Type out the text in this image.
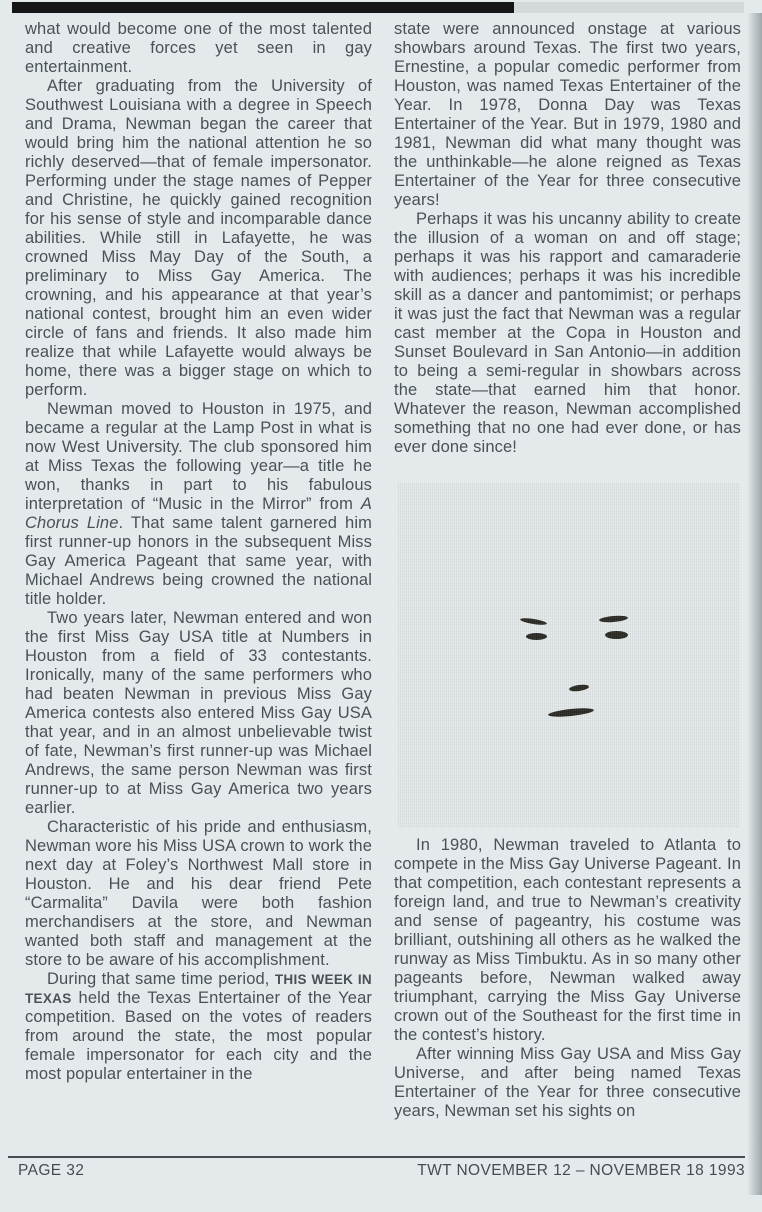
what would become one of the most talented and creative forces yet seen in gay entertainment.

After graduating from the University of Southwest Louisiana with a degree in Speech and Drama, Newman began the career that would bring him the national attention he so richly deserved—that of female impersonator. Performing under the stage names of Pepper and Christine, he quickly gained recognition for his sense of style and incomparable dance abilities. While still in Lafayette, he was crowned Miss May Day of the South, a preliminary to Miss Gay America. The crowning, and his appearance at that year’s national contest, brought him an even wider circle of fans and friends. It also made him realize that while Lafayette would always be home, there was a bigger stage on which to perform.

Newman moved to Houston in 1975, and became a regular at the Lamp Post in what is now West University. The club sponsored him at Miss Texas the following year—a title he won, thanks in part to his fabulous interpretation of “Music in the Mirror” from A Chorus Line. That same talent garnered him first runner-up honors in the subsequent Miss Gay America Pageant that same year, with Michael Andrews being crowned the national title holder.

Two years later, Newman entered and won the first Miss Gay USA title at Numbers in Houston from a field of 33 contestants. Ironically, many of the same performers who had beaten Newman in previous Miss Gay America contests also entered Miss Gay USA that year, and in an almost unbelievable twist of fate, Newman’s first runner-up was Michael Andrews, the same person Newman was first runner-up to at Miss Gay America two years earlier.

Characteristic of his pride and enthusiasm, Newman wore his Miss USA crown to work the next day at Foley’s Northwest Mall store in Houston. He and his dear friend Pete “Carmalita” Davila were both fashion merchandisers at the store, and Newman wanted both staff and management at the store to be aware of his accomplishment.

During that same time period, THIS WEEK IN TEXAS held the Texas Entertainer of the Year competition. Based on the votes of readers from around the state, the most popular female impersonator for each city and the most popular entertainer in the

state were announced onstage at various showbars around Texas. The first two years, Ernestine, a popular comedic performer from Houston, was named Texas Entertainer of the Year. In 1978, Donna Day was Texas Entertainer of the Year. But in 1979, 1980 and 1981, Newman did what many thought was the unthinkable—he alone reigned as Texas Entertainer of the Year for three consecutive years!

Perhaps it was his uncanny ability to create the illusion of a woman on and off stage; perhaps it was his rapport and camaraderie with audiences; perhaps it was his incredible skill as a dancer and pantomimist; or perhaps it was just the fact that Newman was a regular cast member at the Copa in Houston and Sunset Boulevard in San Antonio—in addition to being a semi-regular in showbars across the state—that earned him that honor. Whatever the reason, Newman accomplished something that no one had ever done, or has ever done since!

In 1980, Newman traveled to Atlanta to compete in the Miss Gay Universe Pageant. In that competition, each contestant represents a foreign land, and true to Newman’s creativity and sense of pageantry, his costume was brilliant, outshining all others as he walked the runway as Miss Timbuktu. As in so many other pageants before, Newman walked away triumphant, carrying the Miss Gay Universe crown out of the Southeast for the first time in the contest’s history.

After winning Miss Gay USA and Miss Gay Universe, and after being named Texas Entertainer of the Year for three consecutive years, Newman set his sights on

PAGE 32	TWT NOVEMBER 12 – NOVEMBER 18 1993
